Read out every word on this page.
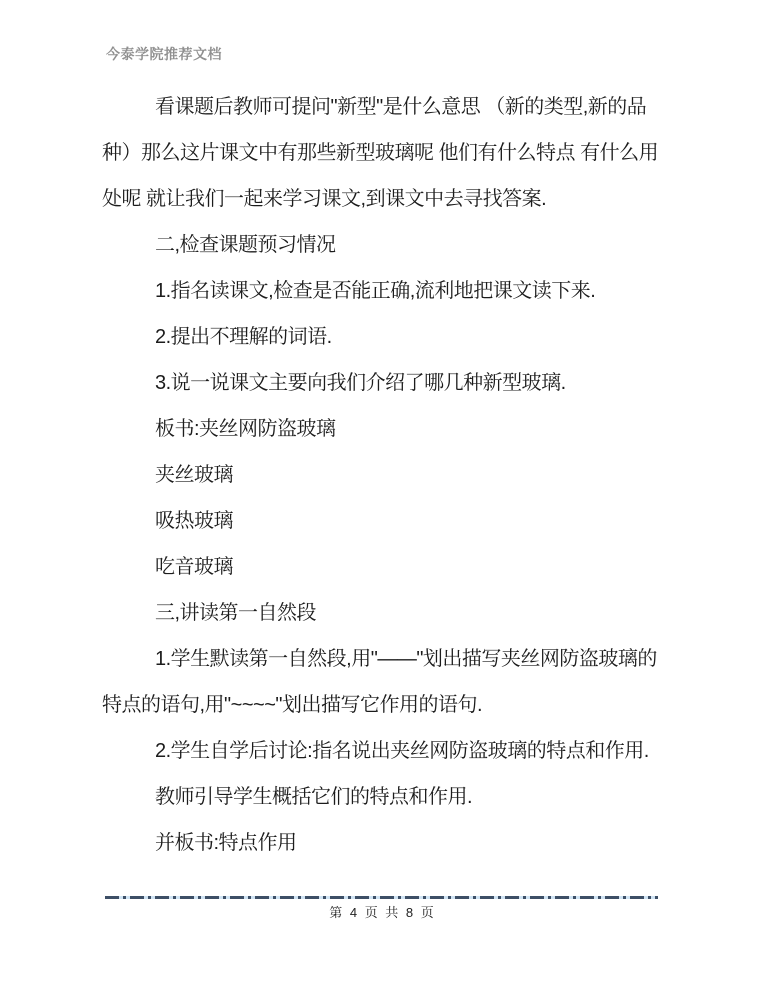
今泰学院推荐文档
看课题后教师可提问"新型"是什么意思 （新的类型,新的品
种）那么这片课文中有那些新型玻璃呢 他们有什么特点 有什么用
处呢 就让我们一起来学习课文,到课文中去寻找答案.
二,检查课题预习情况
1.指名读课文,检查是否能正确,流利地把课文读下来.
2.提出不理解的词语.
3.说一说课文主要向我们介绍了哪几种新型玻璃.
板书:夹丝网防盗玻璃
夹丝玻璃
吸热玻璃
吃音玻璃
三,讲读第一自然段
1.学生默读第一自然段,用"——"划出描写夹丝网防盗玻璃的
特点的语句,用"~~~~"划出描写它作用的语句.
2.学生自学后讨论:指名说出夹丝网防盗玻璃的特点和作用.
教师引导学生概括它们的特点和作用.
并板书:特点作用
第 4 页 共 8 页
